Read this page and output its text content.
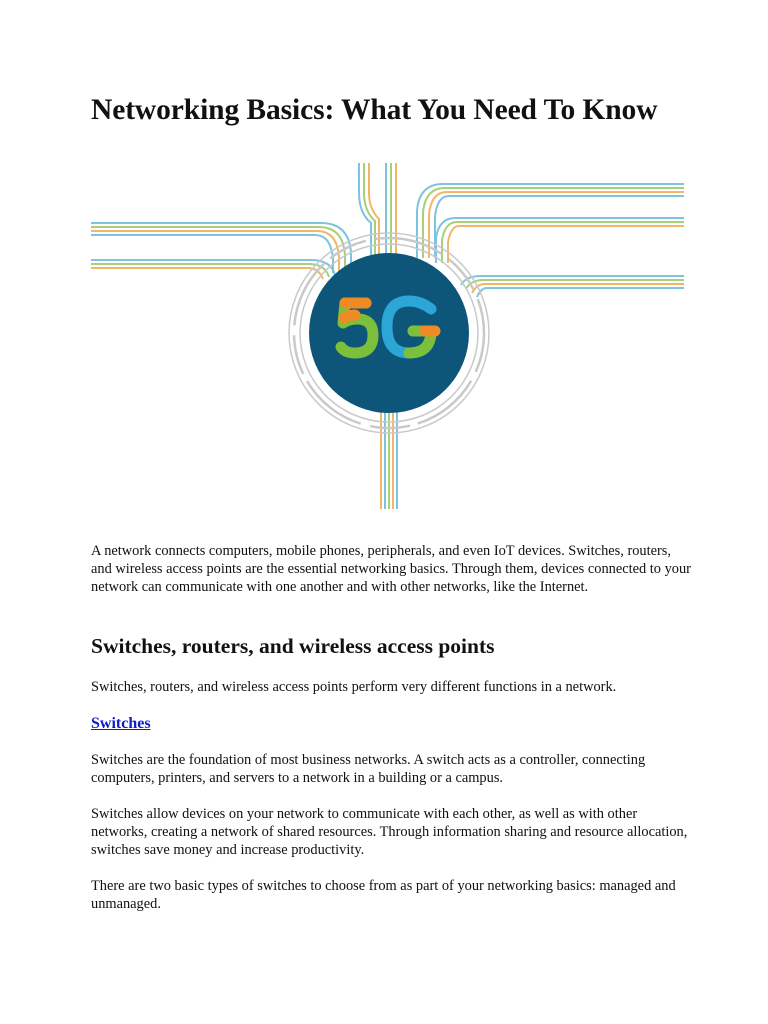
Networking Basics: What You Need To Know

A network connects computers, mobile phones, peripherals, and even IoT devices. Switches, routers, and wireless access points are the essential networking basics. Through them, devices connected to your network can communicate with one another and with other networks, like the Internet.

Switches, routers, and wireless access points

Switches, routers, and wireless access points perform very different functions in a network.

Switches

Switches are the foundation of most business networks. A switch acts as a controller, connecting computers, printers, and servers to a network in a building or a campus.

Switches allow devices on your network to communicate with each other, as well as with other networks, creating a network of shared resources. Through information sharing and resource allocation, switches save money and increase productivity.

There are two basic types of switches to choose from as part of your networking basics: managed and unmanaged.
